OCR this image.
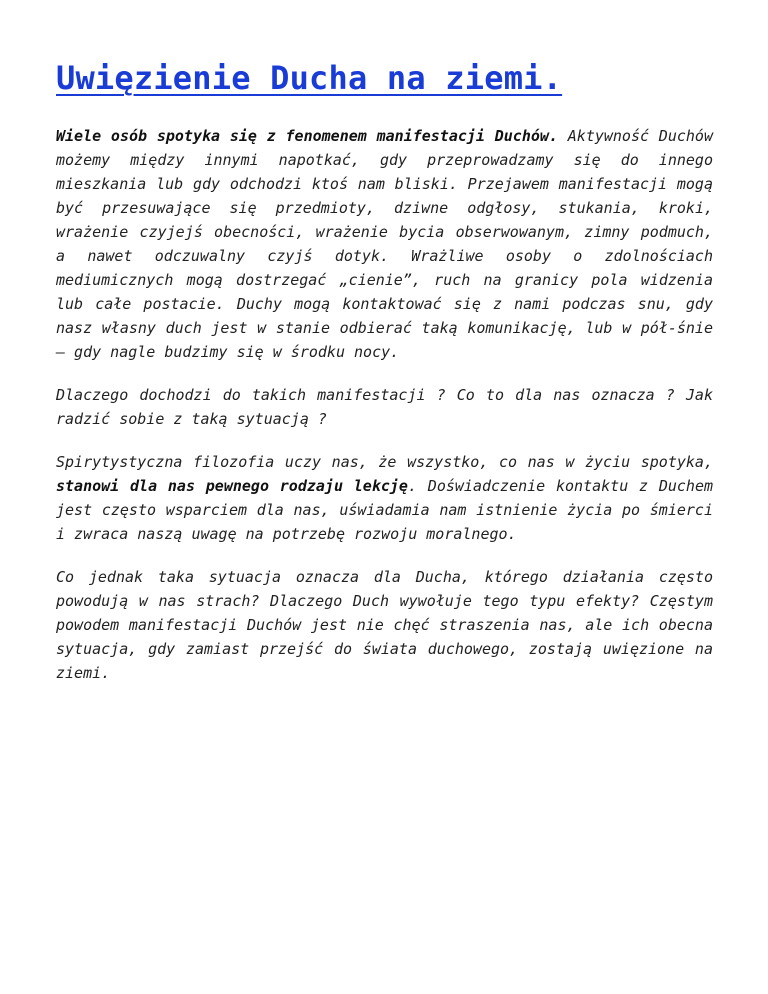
Uwięzienie Ducha na ziemi.

Wiele osób spotyka się z fenomenem manifestacji Duchów. Aktywność Duchów możemy między innymi napotkać, gdy przeprowadzamy się do innego mieszkania lub gdy odchodzi ktoś nam bliski. Przejawem manifestacji mogą być przesuwające się przedmioty, dziwne odgłosy, stukania, kroki, wrażenie czyjejś obecności, wrażenie bycia obserwowanym, zimny podmuch, a nawet odczuwalny czyjś dotyk. Wrażliwe osoby o zdolnościach mediumicznych mogą dostrzegać „cienie”, ruch na granicy pola widzenia lub całe postacie. Duchy mogą kontaktować się z nami podczas snu, gdy nasz własny duch jest w stanie odbierać taką komunikację, lub w pół-śnie – gdy nagle budzimy się w środku nocy.

Dlaczego dochodzi do takich manifestacji ? Co to dla nas oznacza ? Jak radzić sobie z taką sytuacją ?

Spirytystyczna filozofia uczy nas, że wszystko, co nas w życiu spotyka, stanowi dla nas pewnego rodzaju lekcję. Doświadczenie kontaktu z Duchem jest często wsparciem dla nas, uświadamia nam istnienie życia po śmierci i zwraca naszą uwagę na potrzebę rozwoju moralnego.

Co jednak taka sytuacja oznacza dla Ducha, którego działania często powodują w nas strach? Dlaczego Duch wywołuje tego typu efekty? Częstym powodem manifestacji Duchów jest nie chęć straszenia nas, ale ich obecna sytuacja, gdy zamiast przejść do świata duchowego, zostają uwięzione na ziemi.
